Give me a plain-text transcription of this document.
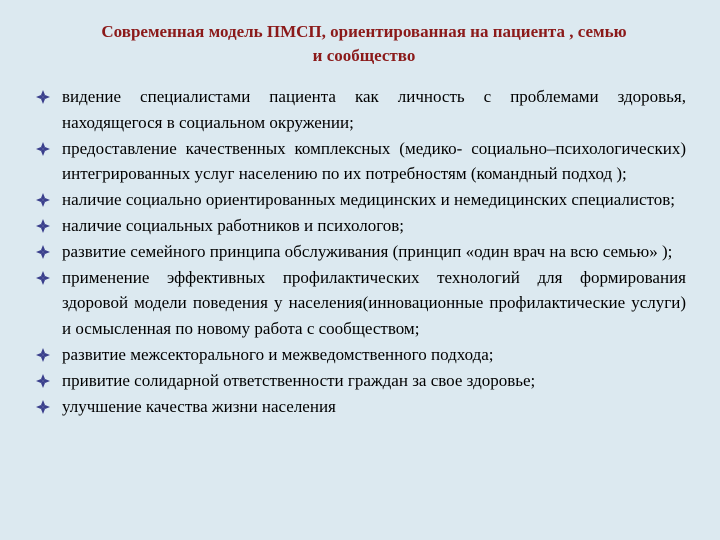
Современная модель ПМСП, ориентированная на пациента , семью
и сообщество
видение специалистами пациента как личность с проблемами здоровья, находящегося в социальном окружении;
предоставление качественных комплексных (медико- социально–психологических) интегрированных услуг населению по их потребностям (командный подход );
наличие социально ориентированных медицинских и немедицинских специалистов;
наличие социальных работников и психологов;
развитие семейного принципа обслуживания (принцип «один врач на всю семью» );
применение эффективных профилактических технологий для формирования здоровой модели поведения у населения(инновационные профилактические услуги) и осмысленная по новому работа с сообществом;
развитие межсекторального и межведомственного подхода;
привитие солидарной ответственности граждан за свое здоровье;
улучшение качества жизни населения
